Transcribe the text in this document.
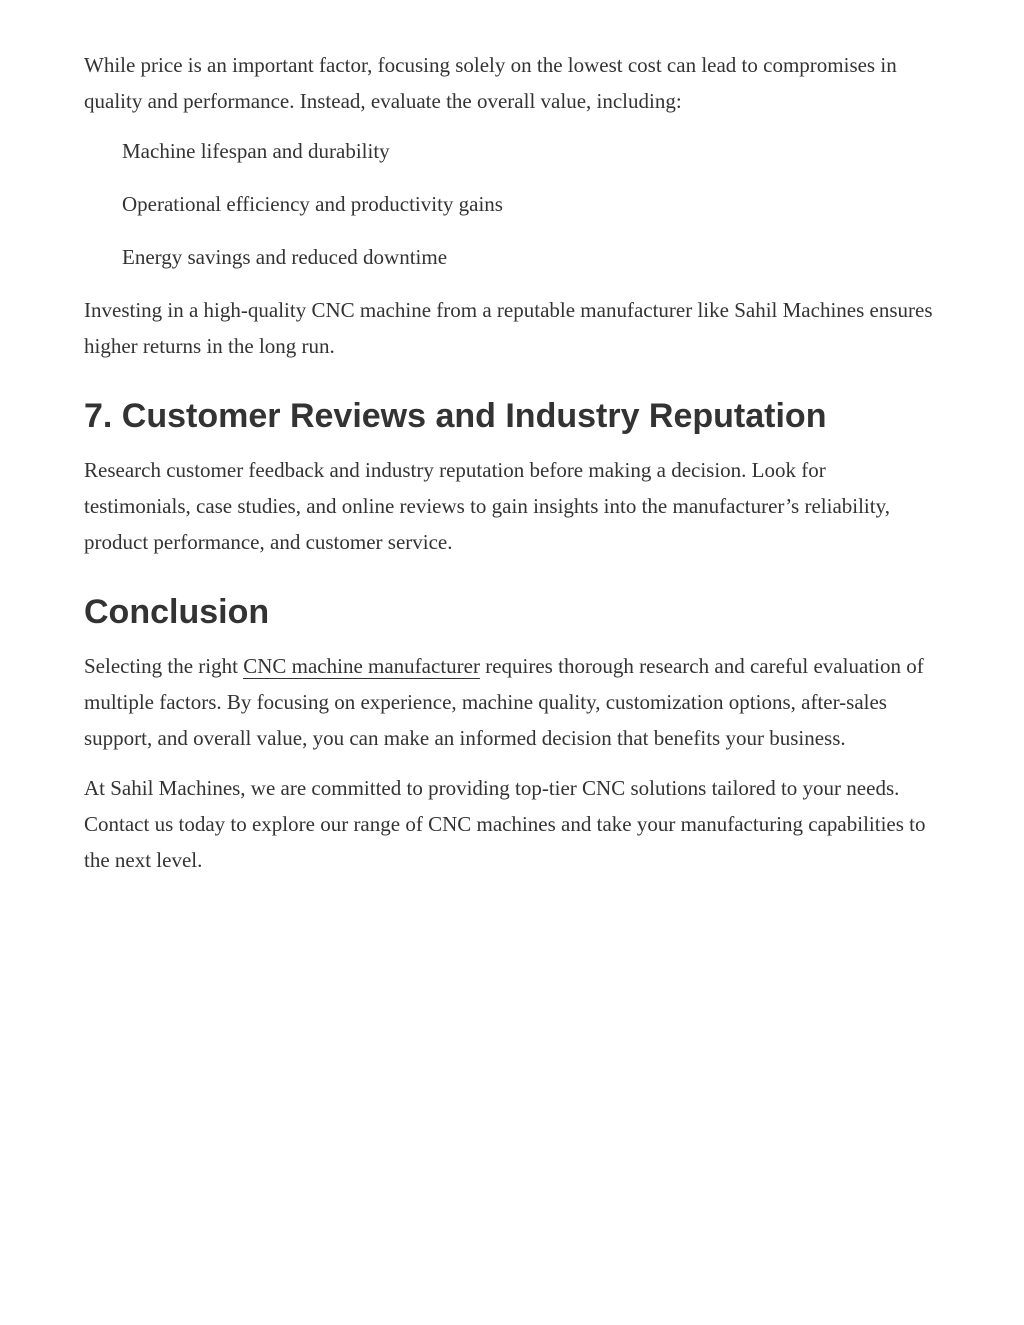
While price is an important factor, focusing solely on the lowest cost can lead to compromises in quality and performance. Instead, evaluate the overall value, including:

Machine lifespan and durability
Operational efficiency and productivity gains
Energy savings and reduced downtime

Investing in a high-quality CNC machine from a reputable manufacturer like Sahil Machines ensures higher returns in the long run.

7. Customer Reviews and Industry Reputation

Research customer feedback and industry reputation before making a decision. Look for testimonials, case studies, and online reviews to gain insights into the manufacturer’s reliability, product performance, and customer service.

Conclusion

Selecting the right CNC machine manufacturer requires thorough research and careful evaluation of multiple factors. By focusing on experience, machine quality, customization options, after-sales support, and overall value, you can make an informed decision that benefits your business.

At Sahil Machines, we are committed to providing top-tier CNC solutions tailored to your needs. Contact us today to explore our range of CNC machines and take your manufacturing capabilities to the next level.
